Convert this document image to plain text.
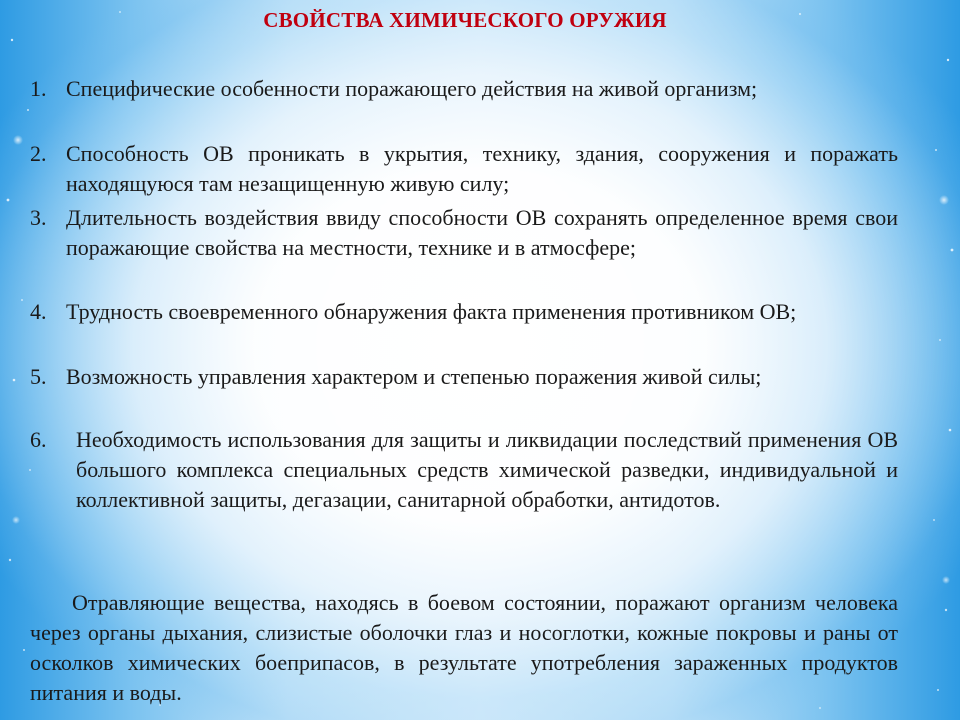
СВОЙСТВА ХИМИЧЕСКОГО ОРУЖИЯ
1. Специфические особенности поражающего действия на живой организм;
2. Способность ОВ проникать в укрытия, технику, здания, сооружения и поражать находящуюся там незащищенную живую силу;
3. Длительность воздействия ввиду способности ОВ сохранять определенное время свои поражающие свойства на местности, технике и в атмосфере;
4. Трудность своевременного обнаружения факта применения противником ОВ;
5. Возможность управления характером и степенью поражения живой силы;
6. Необходимость использования для защиты и ликвидации последствий применения ОВ большого комплекса специальных средств химической разведки, индивидуальной и коллективной защиты, дегазации, санитарной обработки, антидотов.
Отравляющие вещества, находясь в боевом состоянии, поражают организм человека через органы дыхания, слизистые оболочки глаз и носоглотки, кожные покровы и раны от осколков химических боеприпасов, в результате употребления зараженных продуктов питания и воды.
